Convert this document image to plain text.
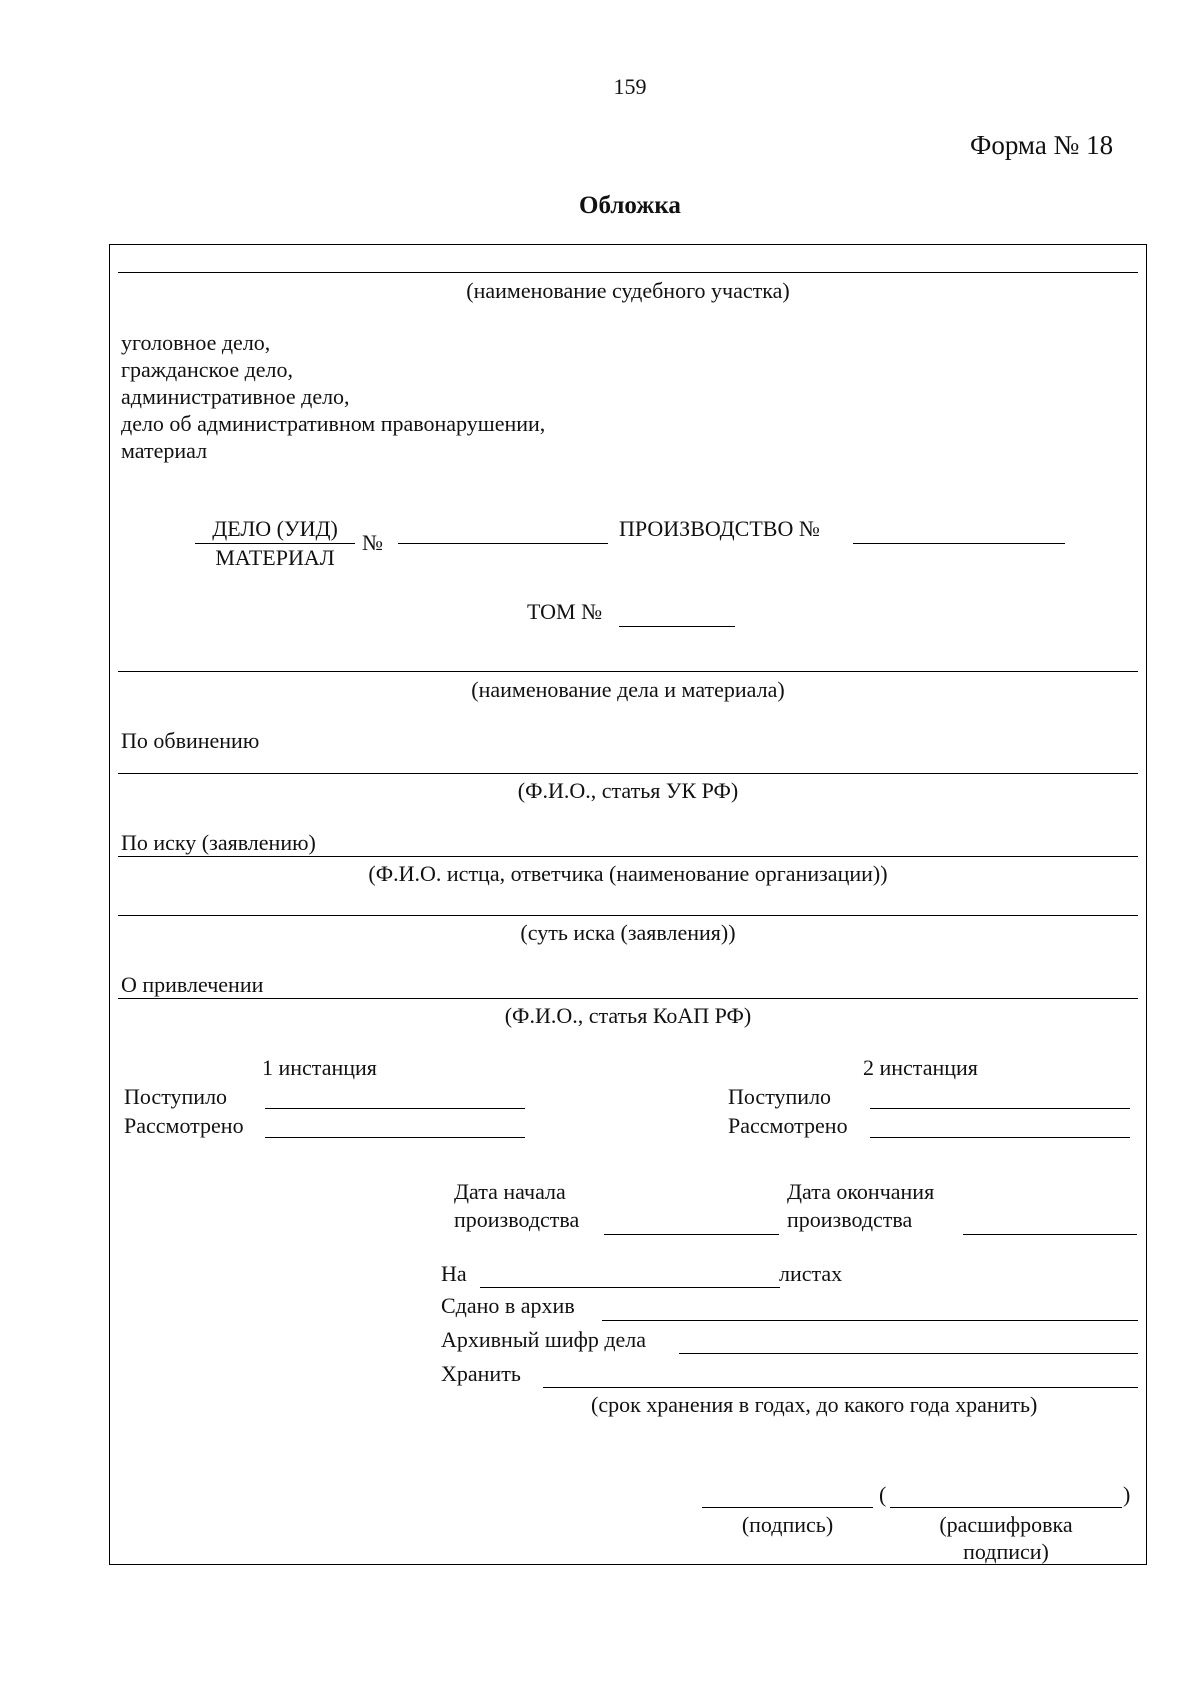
159
Форма № 18
Обложка
(наименование судебного участка)
уголовное дело,
гражданское дело,
административное дело,
дело об административном правонарушении,
материал
ДЕЛО (УИД)
МАТЕРИАЛ
№
ПРОИЗВОДСТВО №
ТОМ №
(наименование дела и материала)
По обвинению
(Ф.И.О., статья УК РФ)
По иску (заявлению)
(Ф.И.О. истца, ответчика (наименование организации))
(суть иска (заявления))
О привлечении
(Ф.И.О., статья КоАП РФ)
1 инстанция
Поступило
Рассмотрено
2 инстанция
Поступило
Рассмотрено
Дата начала
производства
Дата окончания
производства
На	листах
Сдано в архив
Архивный шифр дела
Хранить
(срок хранения в годах, до какого года хранить)
(	)
(подпись)	(расшифровка
подписи)
